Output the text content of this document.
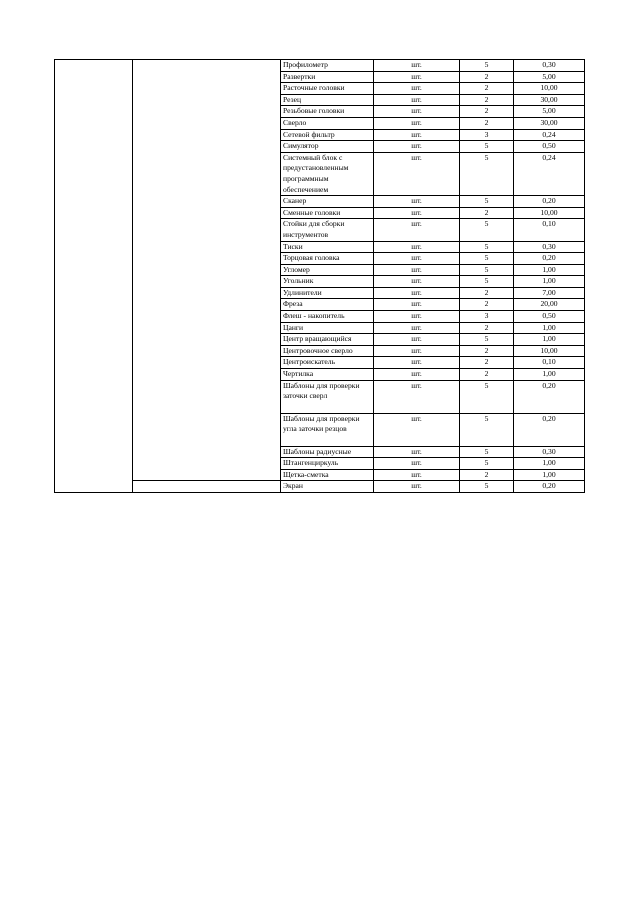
		Профилометр	шт.	5	0,30
		Развертки	шт.	2	5,00
		Расточные головки	шт.	2	10,00
		Резец	шт.	2	30,00
		Резьбовые головки	шт.	2	5,00
		Сверло	шт.	2	30,00
		Сетевой фильтр	шт.	3	0,24
		Симулятор	шт.	5	0,50
		Системный блок с предустановленным программным обеспечением	шт.	5	0,24
		Сканер	шт.	5	0,20
		Сменные головки	шт.	2	10,00
		Стойки для сборки инструментов	шт.	5	0,10
		Тиски	шт.	5	0,30
		Торцовая головка	шт.	5	0,20
		Угломер	шт.	5	1,00
		Угольник	шт.	5	1,00
		Удлинители	шт.	2	7,00
		Фреза	шт.	2	20,00
		Флеш - накопитель	шт.	3	0,50
		Цанги	шт.	2	1,00
		Центр вращающийся	шт.	5	1,00
		Центровочное сверло	шт.	2	10,00
		Центроискатель	шт.	2	0,10
		Чертилка	шт.	2	1,00
		Шаблоны для проверки заточки сверл	шт.	5	0,20
		Шаблоны для проверки угла заточки резцов	шт.	5	0,20
		Шаблоны радиусные	шт.	5	0,30
		Штангенциркуль	шт.	5	1,00
		Щетка-сметка	шт.	2	1,00
		Экран	шт.	5	0,20
